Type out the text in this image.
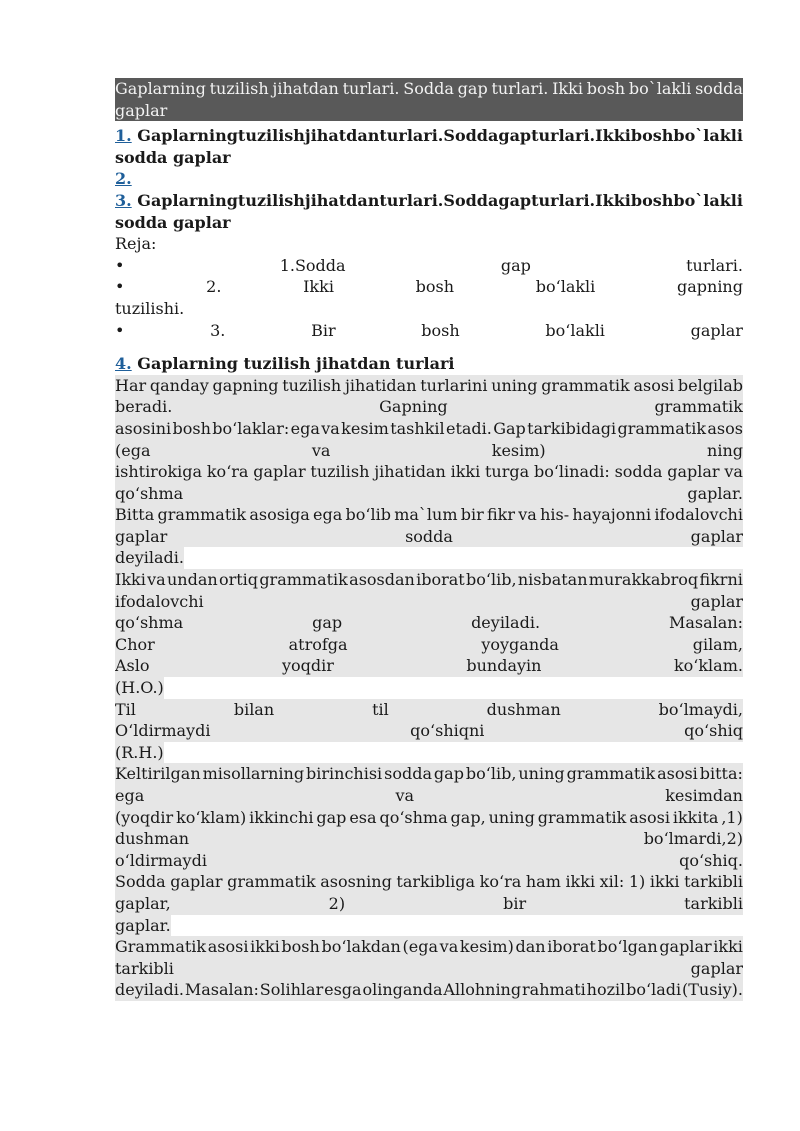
Gaplarning tuzilish jihatdan turlari. Sodda gap turlari. Ikki bosh bo`lakli sodda
gaplar
1. Gaplarning tuzilish jihatdan turlari. Sodda gap turlari. Ikki bosh bo`lakli
sodda gaplar
2.
3. Gaplarning tuzilish jihatdan turlari. Sodda gap turlari. Ikki bosh bo`lakli
sodda gaplar
Reja:
•	1.Sodda	gap	turlari.
•	2.	Ikki	bosh	bo‘lakli	gapning
tuzilishi.
•	3.	Bir	bosh	bo‘lakli	gaplar
4. Gaplarning tuzilish jihatdan turlari
Har qanday gapning tuzilish jihatidan turlarini uning grammatik asosi belgilab
beradi.	Gapning	grammatik
asosini bosh bo‘laklar: ega va kesim tashkil etadi. Gap tarkibidagi grammatik asos
(ega	va	kesim)	ning
ishtirokiga ko‘ra gaplar tuzilish jihatidan ikki turga bo‘linadi: sodda gaplar va
qo‘shma	gaplar.
Bitta grammatik asosiga ega bo‘lib ma`lum bir fikr va his- hayajonni ifodalovchi
gaplar	sodda	gaplar
deyiladi.
Ikki va undan ortiq grammatik asosdan iborat bo‘lib, nisbatan murakkabroq fikrni
ifodalovchi	gaplar
qo‘shma	gap	deyiladi.	Masalan:
Chor	atrofga	yoyganda	gilam,
Aslo	yoqdir	bundayin	ko‘klam.
(H.O.)
Til	bilan	til	dushman	bo‘lmaydi,
O‘ldirmaydi	qo‘shiqni	qo‘shiq
(R.H.)
Keltirilgan misollarning birinchisi sodda gap bo‘lib, uning grammatik asosi bitta:
ega	va	kesimdan
(yoqdir ko‘klam) ikkinchi gap esa qo‘shma gap, uning grammatik asosi ikkita ,1)
dushman	bo‘lmardi,2)
o‘ldirmaydi	qo‘shiq.
Sodda gaplar grammatik asosning tarkibliga ko‘ra ham ikki xil: 1) ikki tarkibli
gaplar,	2)	bir	tarkibli
gaplar.
Grammatik asosi ikki bosh bo‘lakdan (ega va kesim) dan iborat bo‘lgan gaplar ikki
tarkibli	gaplar
deyiladi. Masalan: Solihlar esga olinganda Allohning rahmati hozil bo‘ladi (Tusiy).
